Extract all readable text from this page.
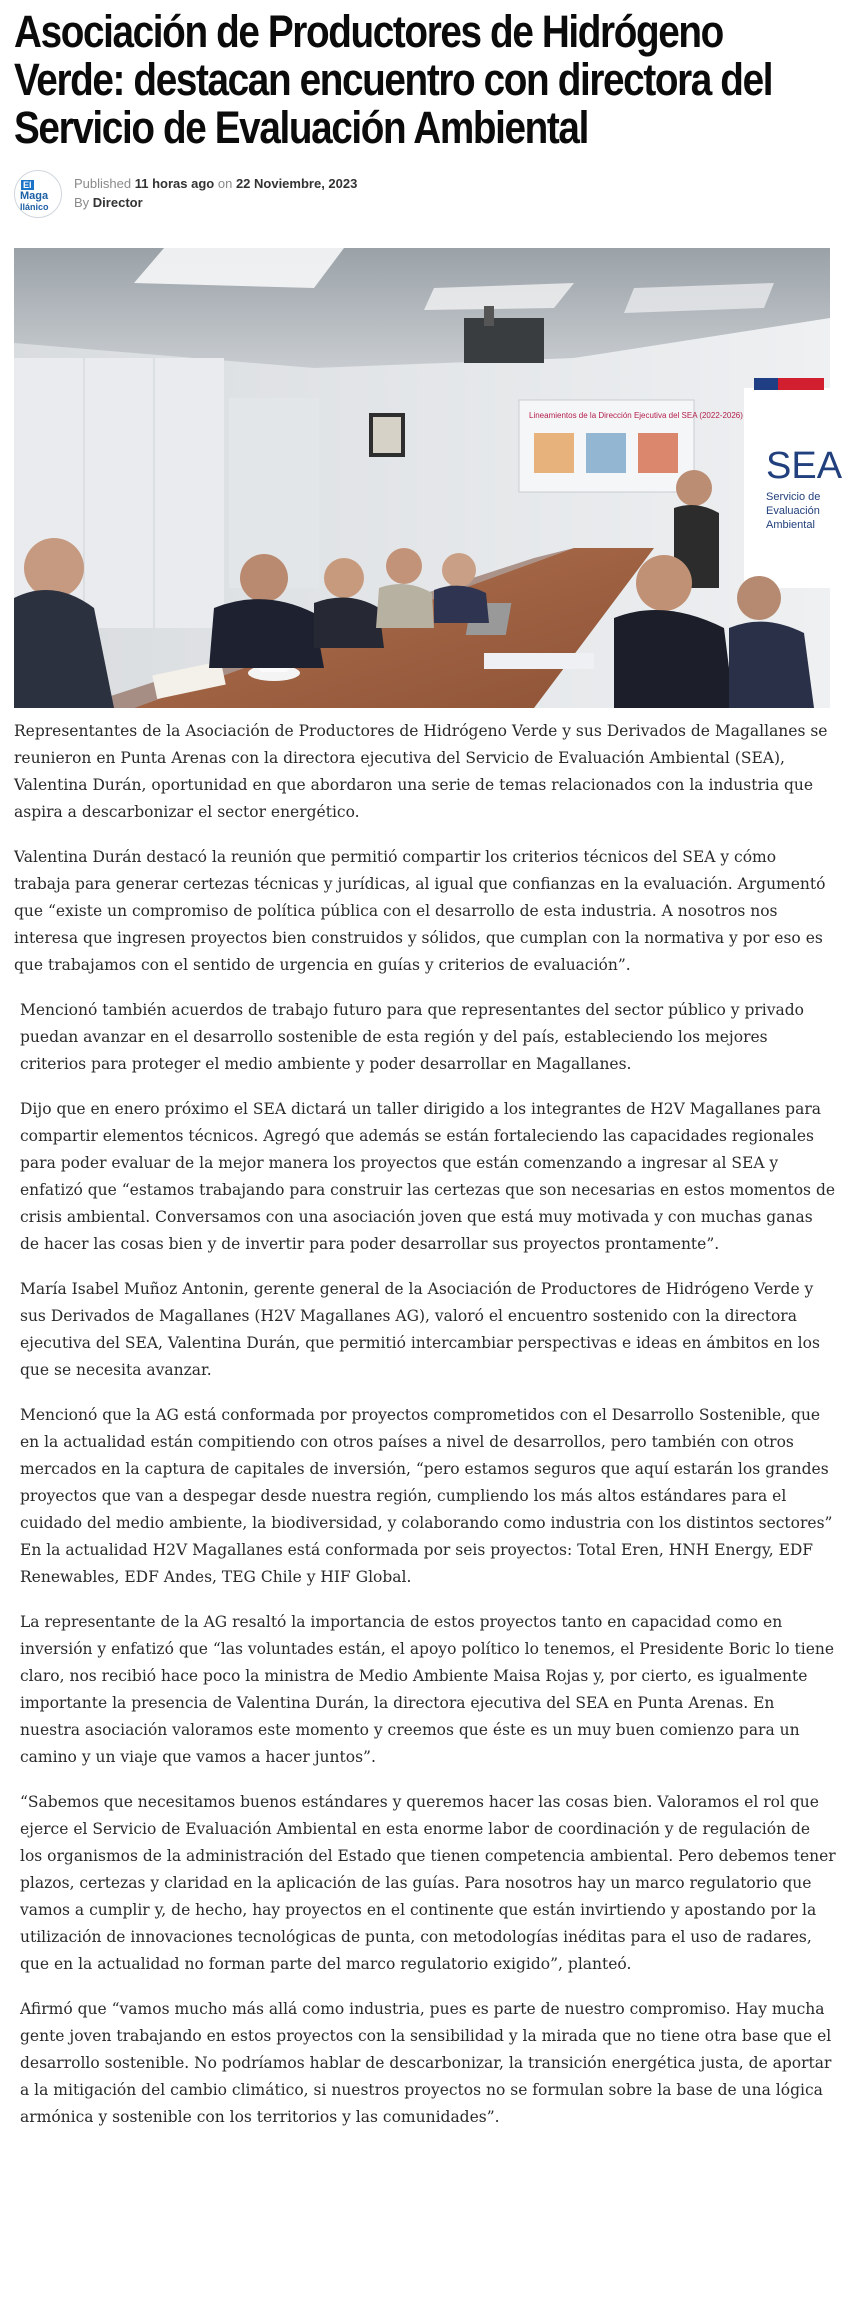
Asociación de Productores de Hidrógeno Verde: destacan encuentro con directora del Servicio de Evaluación Ambiental
El
Maga
llánico
Published 11 horas ago on 22 Noviembre, 2023
By Director
Lineamientos de la Dirección Ejecutiva del SEA (2022-2026)
SEA
Servicio de
Evaluación
Ambiental

Representantes de la Asociación de Productores de Hidrógeno Verde y sus Derivados de Magallanes se reunieron en Punta Arenas con la directora ejecutiva del Servicio de Evaluación Ambiental (SEA), Valentina Durán, oportunidad en que abordaron una serie de temas relacionados con la industria que aspira a descarbonizar el sector energético.

Valentina Durán destacó la reunión que permitió compartir los criterios técnicos del SEA y cómo trabaja para generar certezas técnicas y jurídicas, al igual que confianzas en la evaluación. Argumentó que “existe un compromiso de política pública con el desarrollo de esta industria. A nosotros nos interesa que ingresen proyectos bien construidos y sólidos, que cumplan con la normativa y por eso es que trabajamos con el sentido de urgencia en guías y criterios de evaluación”.

Mencionó también acuerdos de trabajo futuro para que representantes del sector público y privado puedan avanzar en el desarrollo sostenible de esta región y del país, estableciendo los mejores criterios para proteger el medio ambiente y poder desarrollar en Magallanes.

Dijo que en enero próximo el SEA dictará un taller dirigido a los integrantes de H2V Magallanes para compartir elementos técnicos. Agregó que además se están fortaleciendo las capacidades regionales para poder evaluar de la mejor manera los proyectos que están comenzando a ingresar al SEA y enfatizó que “estamos trabajando para construir las certezas que son necesarias en estos momentos de crisis ambiental. Conversamos con una asociación joven que está muy motivada y con muchas ganas de hacer las cosas bien y de invertir para poder desarrollar sus proyectos prontamente”.

María Isabel Muñoz Antonin, gerente general de la Asociación de Productores de Hidrógeno Verde y sus Derivados de Magallanes (H2V Magallanes AG), valoró el encuentro sostenido con la directora ejecutiva del SEA, Valentina Durán, que permitió intercambiar perspectivas e ideas en ámbitos en los que se necesita avanzar.

Mencionó que la AG está conformada por proyectos comprometidos con el Desarrollo Sostenible, que en la actualidad están compitiendo con otros países a nivel de desarrollos, pero también con otros mercados en la captura de capitales de inversión, “pero estamos seguros que aquí estarán los grandes proyectos que van a despegar desde nuestra región, cumpliendo los más altos estándares para el cuidado del medio ambiente, la biodiversidad, y colaborando como industria con los distintos sectores”

En la actualidad H2V Magallanes está conformada por seis proyectos: Total Eren, HNH Energy, EDF Renewables, EDF Andes, TEG Chile y HIF Global.

La representante de la AG resaltó la importancia de estos proyectos tanto en capacidad como en inversión y enfatizó que “las voluntades están, el apoyo político lo tenemos, el Presidente Boric lo tiene claro, nos recibió hace poco la ministra de Medio Ambiente Maisa Rojas y, por cierto, es igualmente importante la presencia de Valentina Durán, la directora ejecutiva del SEA en Punta Arenas. En nuestra asociación valoramos este momento y creemos que éste es un muy buen comienzo para un camino y un viaje que vamos a hacer juntos”.

“Sabemos que necesitamos buenos estándares y queremos hacer las cosas bien. Valoramos el rol que ejerce el Servicio de Evaluación Ambiental en esta enorme labor de coordinación y de regulación de los organismos de la administración del Estado que tienen competencia ambiental. Pero debemos tener plazos, certezas y claridad en la aplicación de las guías. Para nosotros hay un marco regulatorio que vamos a cumplir y, de hecho, hay proyectos en el continente que están invirtiendo y apostando por la utilización de innovaciones tecnológicas de punta, con metodologías inéditas para el uso de radares, que en la actualidad no forman parte del marco regulatorio exigido”, planteó.

Afirmó que “vamos mucho más allá como industria, pues es parte de nuestro compromiso. Hay mucha gente joven trabajando en estos proyectos con la sensibilidad y la mirada que no tiene otra base que el desarrollo sostenible. No podríamos hablar de descarbonizar, la transición energética justa, de aportar a la mitigación del cambio climático, si nuestros proyectos no se formulan sobre la base de una lógica armónica y sostenible con los territorios y las comunidades”.
